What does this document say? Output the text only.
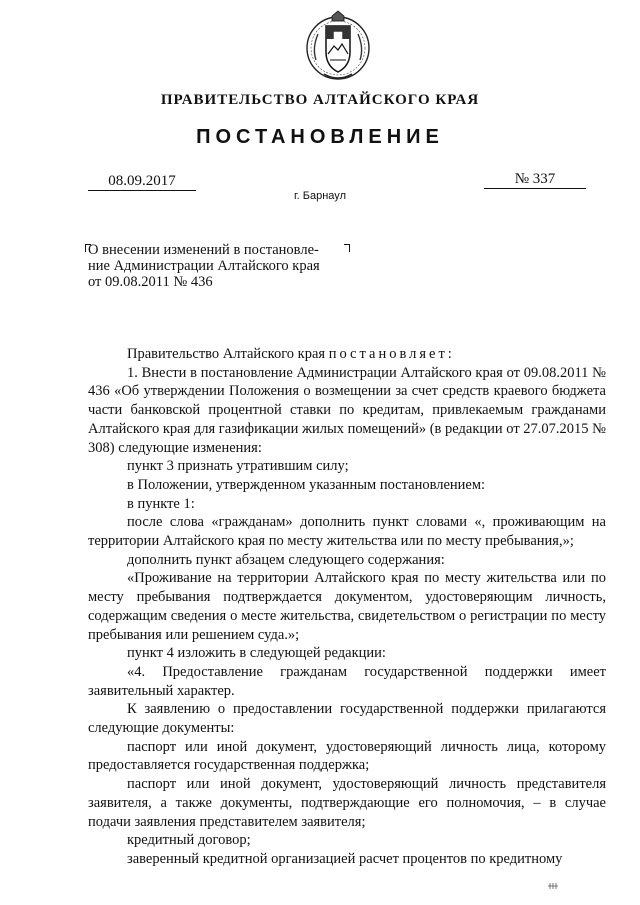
ПРАВИТЕЛЬСТВО АЛТАЙСКОГО КРАЯ
ПОСТАНОВЛЕНИЕ
08.09.2017	№ 337
г. Барнаул
О внесении изменений в постановле-
ние Администрации Алтайского края
от 09.08.2011 № 436

Правительство Алтайского края постановляет:

1. Внести в постановление Администрации Алтайского края от 09.08.2011 № 436 «Об утверждении Положения о возмещении за счет средств краевого бюджета части банковской процентной ставки по кредитам, привлекаемым гражданами Алтайского края для газификации жилых помещений» (в редакции от 27.07.2015 № 308) следующие изменения:

пункт 3 признать утратившим силу;

в Положении, утвержденном указанным постановлением:

в пункте 1:

после слова «гражданам» дополнить пункт словами «, проживающим на территории Алтайского края по месту жительства или по месту пребывания,»;

дополнить пункт абзацем следующего содержания:

«Проживание на территории Алтайского края по месту жительства или по месту пребывания подтверждается документом, удостоверяющим личность, содержащим сведения о месте жительства, свидетельством о регистрации по месту пребывания или решением суда.»;

пункт 4 изложить в следующей редакции:

«4. Предоставление гражданам государственной поддержки имеет заявительный характер.

К заявлению о предоставлении государственной поддержки прилагаются следующие документы:

паспорт или иной документ, удостоверяющий личность лица, которому предоставляется государственная поддержка;

паспорт или иной документ, удостоверяющий личность представителя заявителя, а также документы, подтверждающие его полномочия, – в случае подачи заявления представителем заявителя;

кредитный договор;

заверенный кредитной организацией расчет процентов по кредитному
